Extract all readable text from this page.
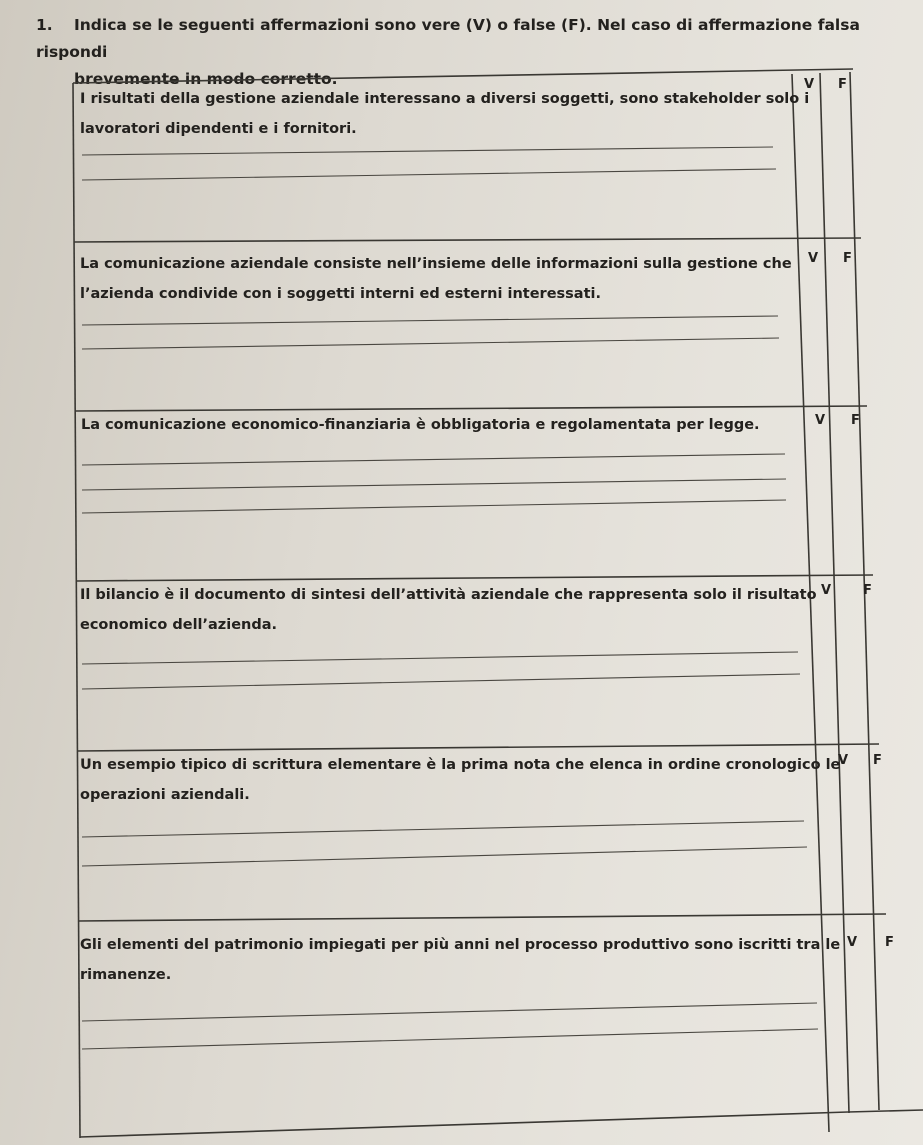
1. Indica se le seguenti affermazioni sono vere (V) o false (F). Nel caso di affermazione falsa rispondi
brevemente in modo corretto.
I risultati della gestione aziendale interessano a diversi soggetti, sono stakeholder solo i
lavoratori dipendenti e i fornitori.
V F
La comunicazione aziendale consiste nell’insieme delle informazioni sulla gestione che
l’azienda condivide con i soggetti interni ed esterni interessati.
V F
La comunicazione economico-finanziaria è obbligatoria e regolamentata per legge.	V F
Il bilancio è il documento di sintesi dell’attività aziendale che rappresenta solo il risultato
economico dell’azienda.
V F
Un esempio tipico di scrittura elementare è la prima nota che elenca in ordine cronologico le
operazioni aziendali.
V F
Gli elementi del patrimonio impiegati per più anni nel processo produttivo sono iscritti tra le
rimanenze.
V F
